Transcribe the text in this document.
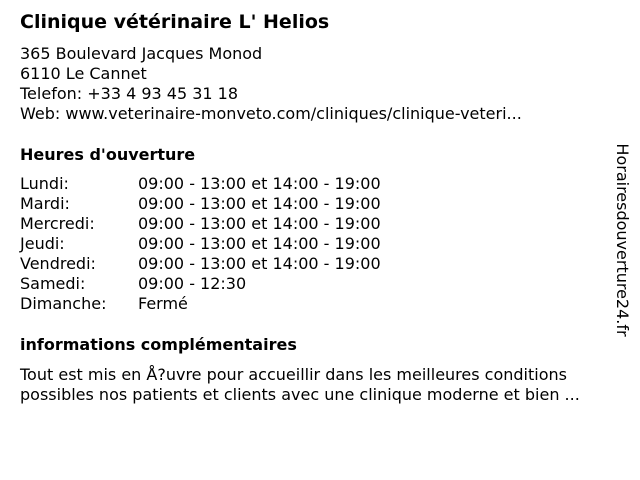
Clinique vétérinaire L' Helios
365 Boulevard Jacques Monod
6110 Le Cannet
Telefon: +33 4 93 45 31 18
Web: www.veterinaire-monveto.com/cliniques/clinique-veteri...
Heures d'ouverture
Lundi:	09:00 - 13:00 et 14:00 - 19:00
Mardi:	09:00 - 13:00 et 14:00 - 19:00
Mercredi:	09:00 - 13:00 et 14:00 - 19:00
Jeudi:	09:00 - 13:00 et 14:00 - 19:00
Vendredi:	09:00 - 13:00 et 14:00 - 19:00
Samedi:	09:00 - 12:30
Dimanche: Fermé
informations complémentaires
Tout est mis en Å?uvre pour accueillir dans les meilleures conditions
possibles nos patients et clients avec une clinique moderne et bien ...
Horairesdouverture24.fr
